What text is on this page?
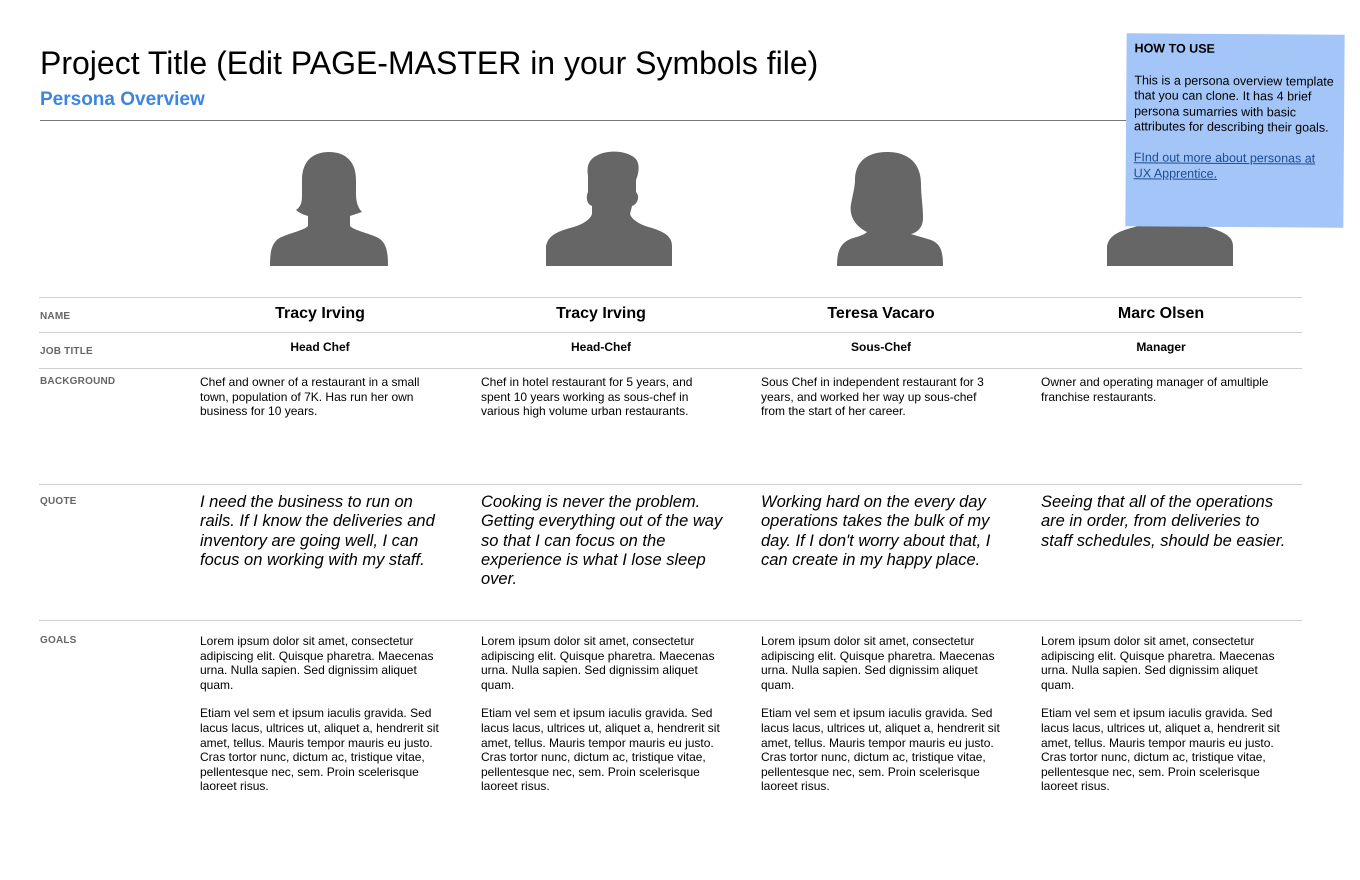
Project Title (Edit PAGE-MASTER in your Symbols file)
Persona Overview
NAME
JOB TITLE
BACKGROUND
QUOTE
GOALS
Tracy Irving
Head Chef
Chef and owner of a restaurant in a small town, population of 7K. Has run her own business for 10 years.
I need the business to run on rails. If I know the deliveries and inventory are going well, I can focus on working with my staff.

Lorem ipsum dolor sit amet, consectetur adipiscing elit. Quisque pharetra. Maecenas urna. Nulla sapien. Sed dignissim aliquet quam.

Etiam vel sem et ipsum iaculis gravida. Sed lacus lacus, ultrices ut, aliquet a, hendrerit sit amet, tellus. Mauris tempor mauris eu justo. Cras tortor nunc, dictum ac, tristique vitae, pellentesque nec, sem. Proin scelerisque laoreet risus.

Tracy Irving
Head-Chef
Chef in hotel restaurant for 5 years, and spent 10 years working as sous-chef in various high volume urban restaurants.
Cooking is never the problem. Getting everything out of the way so that I can focus on the experience is what I lose sleep over.

Lorem ipsum dolor sit amet, consectetur adipiscing elit. Quisque pharetra. Maecenas urna. Nulla sapien. Sed dignissim aliquet quam.

Etiam vel sem et ipsum iaculis gravida. Sed lacus lacus, ultrices ut, aliquet a, hendrerit sit amet, tellus. Mauris tempor mauris eu justo. Cras tortor nunc, dictum ac, tristique vitae, pellentesque nec, sem. Proin scelerisque laoreet risus.

Teresa Vacaro
Sous-Chef
Sous Chef in independent restaurant for 3 years, and worked her way up sous-chef from the start of her career.
Working hard on the every day operations takes the bulk of my day. If I don't worry about that, I can create in my happy place.

Lorem ipsum dolor sit amet, consectetur adipiscing elit. Quisque pharetra. Maecenas urna. Nulla sapien. Sed dignissim aliquet quam.

Etiam vel sem et ipsum iaculis gravida. Sed lacus lacus, ultrices ut, aliquet a, hendrerit sit amet, tellus. Mauris tempor mauris eu justo. Cras tortor nunc, dictum ac, tristique vitae, pellentesque nec, sem. Proin scelerisque laoreet risus.

Marc Olsen
Manager
Owner and operating manager of amultiple franchise restaurants.
Seeing that all of the operations are in order, from deliveries to staff schedules, should be easier.

Lorem ipsum dolor sit amet, consectetur adipiscing elit. Quisque pharetra. Maecenas urna. Nulla sapien. Sed dignissim aliquet quam.

Etiam vel sem et ipsum iaculis gravida. Sed lacus lacus, ultrices ut, aliquet a, hendrerit sit amet, tellus. Mauris tempor mauris eu justo. Cras tortor nunc, dictum ac, tristique vitae, pellentesque nec, sem. Proin scelerisque laoreet risus.

HOW TO USE
This is a persona overview template that you can clone. It has 4 brief persona sumarries with basic attributes for describing their goals.
FInd out more about personas at UX Apprentice.
